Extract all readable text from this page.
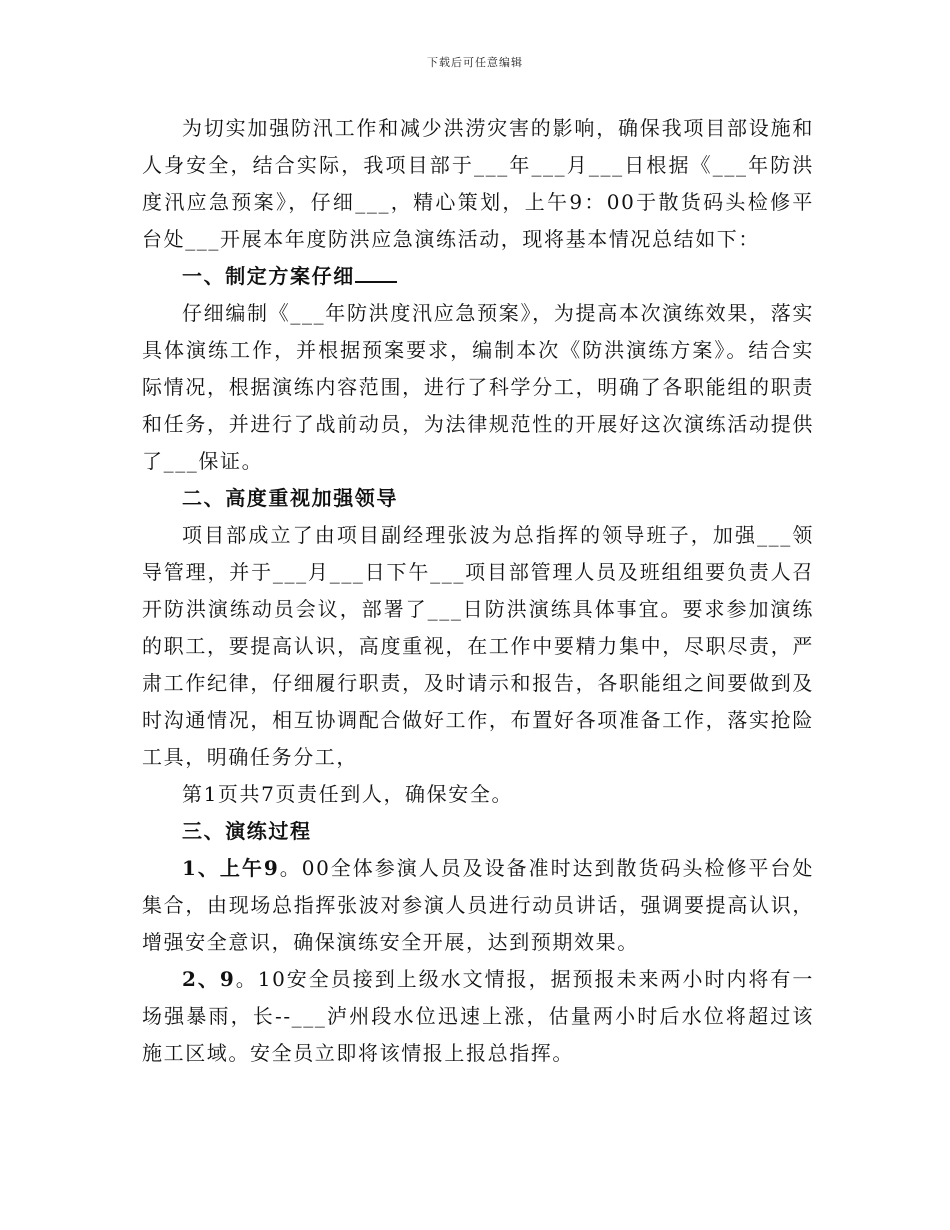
下载后可任意编辑

为切实加强防汛工作和减少洪涝灾害的影响，确保我项目部设施和人身安全，结合实际，我项目部于___年___月___日根据《___年防洪度汛应急预案》，仔细___，精心策划，上午9：00于散货码头检修平台处___开展本年度防洪应急演练活动，现将基本情况总结如下：

一、制定方案仔细

仔细编制《___年防洪度汛应急预案》，为提高本次演练效果，落实具体演练工作，并根据预案要求，编制本次《防洪演练方案》。结合实际情况，根据演练内容范围，进行了科学分工，明确了各职能组的职责和任务，并进行了战前动员，为法律规范性的开展好这次演练活动提供了___保证。

二、高度重视加强领导

项目部成立了由项目副经理张波为总指挥的领导班子，加强___领导管理，并于___月___日下午___项目部管理人员及班组组要负责人召开防洪演练动员会议，部署了___日防洪演练具体事宜。要求参加演练的职工，要提高认识，高度重视，在工作中要精力集中，尽职尽责，严肃工作纪律，仔细履行职责，及时请示和报告，各职能组之间要做到及时沟通情况，相互协调配合做好工作，布置好各项准备工作，落实抢险工具，明确任务分工，

第1页共7页责任到人，确保安全。

三、演练过程

1、上午9。00全体参演人员及设备准时达到散货码头检修平台处集合，由现场总指挥张波对参演人员进行动员讲话，强调要提高认识，增强安全意识，确保演练安全开展，达到预期效果。

2、9。10安全员接到上级水文情报，据预报未来两小时内将有一场强暴雨，长--___泸州段水位迅速上涨，估量两小时后水位将超过该施工区域。安全员立即将该情报上报总指挥。
